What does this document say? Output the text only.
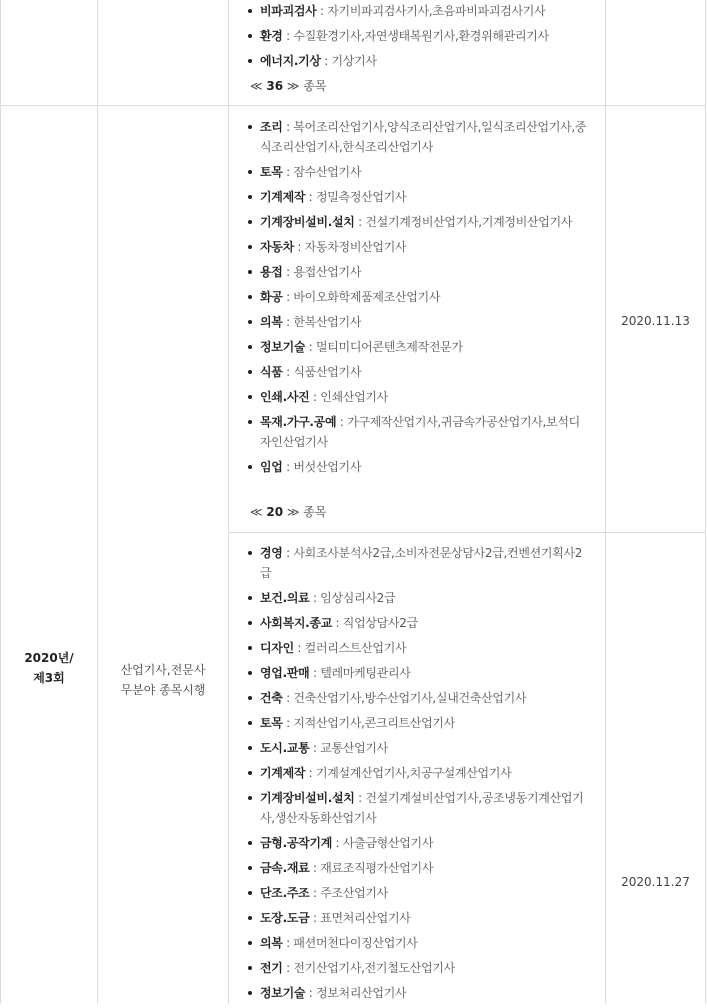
비파괴검사 : 자기비파괴검사기사,초음파비파괴검사기사
환경 : 수질환경기사,자연생태복원기사,환경위해관리기사
에너지.기상 : 기상기사
≪ 36 ≫ 종목
조리 : 복어조리산업기사,양식조리산업기사,일식조리산업기사,중식조리산업기사,한식조리산업기사
토목 : 잠수산업기사
기계제작 : 정밀측정산업기사
기계장비설비.설치 : 건설기계정비산업기사,기계정비산업기사
자동차 : 자동차정비산업기사
용접 : 용접산업기사
화공 : 바이오화학제품제조산업기사
의복 : 한복산업기사
정보기술 : 멀티미디어콘텐츠제작전문가
식품 : 식품산업기사
인쇄.사진 : 인쇄산업기사
목재.가구.공예 : 가구제작산업기사,귀금속가공산업기사,보석디자인산업기사
임업 : 버섯산업기사
≪ 20 ≫ 종목
2020.11.13
2020년/
제3회
산업기사,전문사
무분야 종목시행
경영 : 사회조사분석사2급,소비자전문상담사2급,컨벤션기획사2급
보건.의료 : 임상심리사2급
사회복지.종교 : 직업상담사2급
디자인 : 컬러리스트산업기사
영업.판매 : 텔레마케팅관리사
건축 : 건축산업기사,방수산업기사,실내건축산업기사
토목 : 지적산업기사,콘크리트산업기사
도시.교통 : 교통산업기사
기계제작 : 기계설계산업기사,치공구설계산업기사
기계장비설비.설치 : 건설기계설비산업기사,공조냉동기계산업기사,생산자동화산업기사
금형.공작기계 : 사출금형산업기사
금속.재료 : 재료조직평가산업기사
단조.주조 : 주조산업기사
도장.도금 : 표면처리산업기사
의복 : 패션머천다이징산업기사
전기 : 전기산업기사,전기철도산업기사
정보기술 : 정보처리산업기사
2020.11.27
